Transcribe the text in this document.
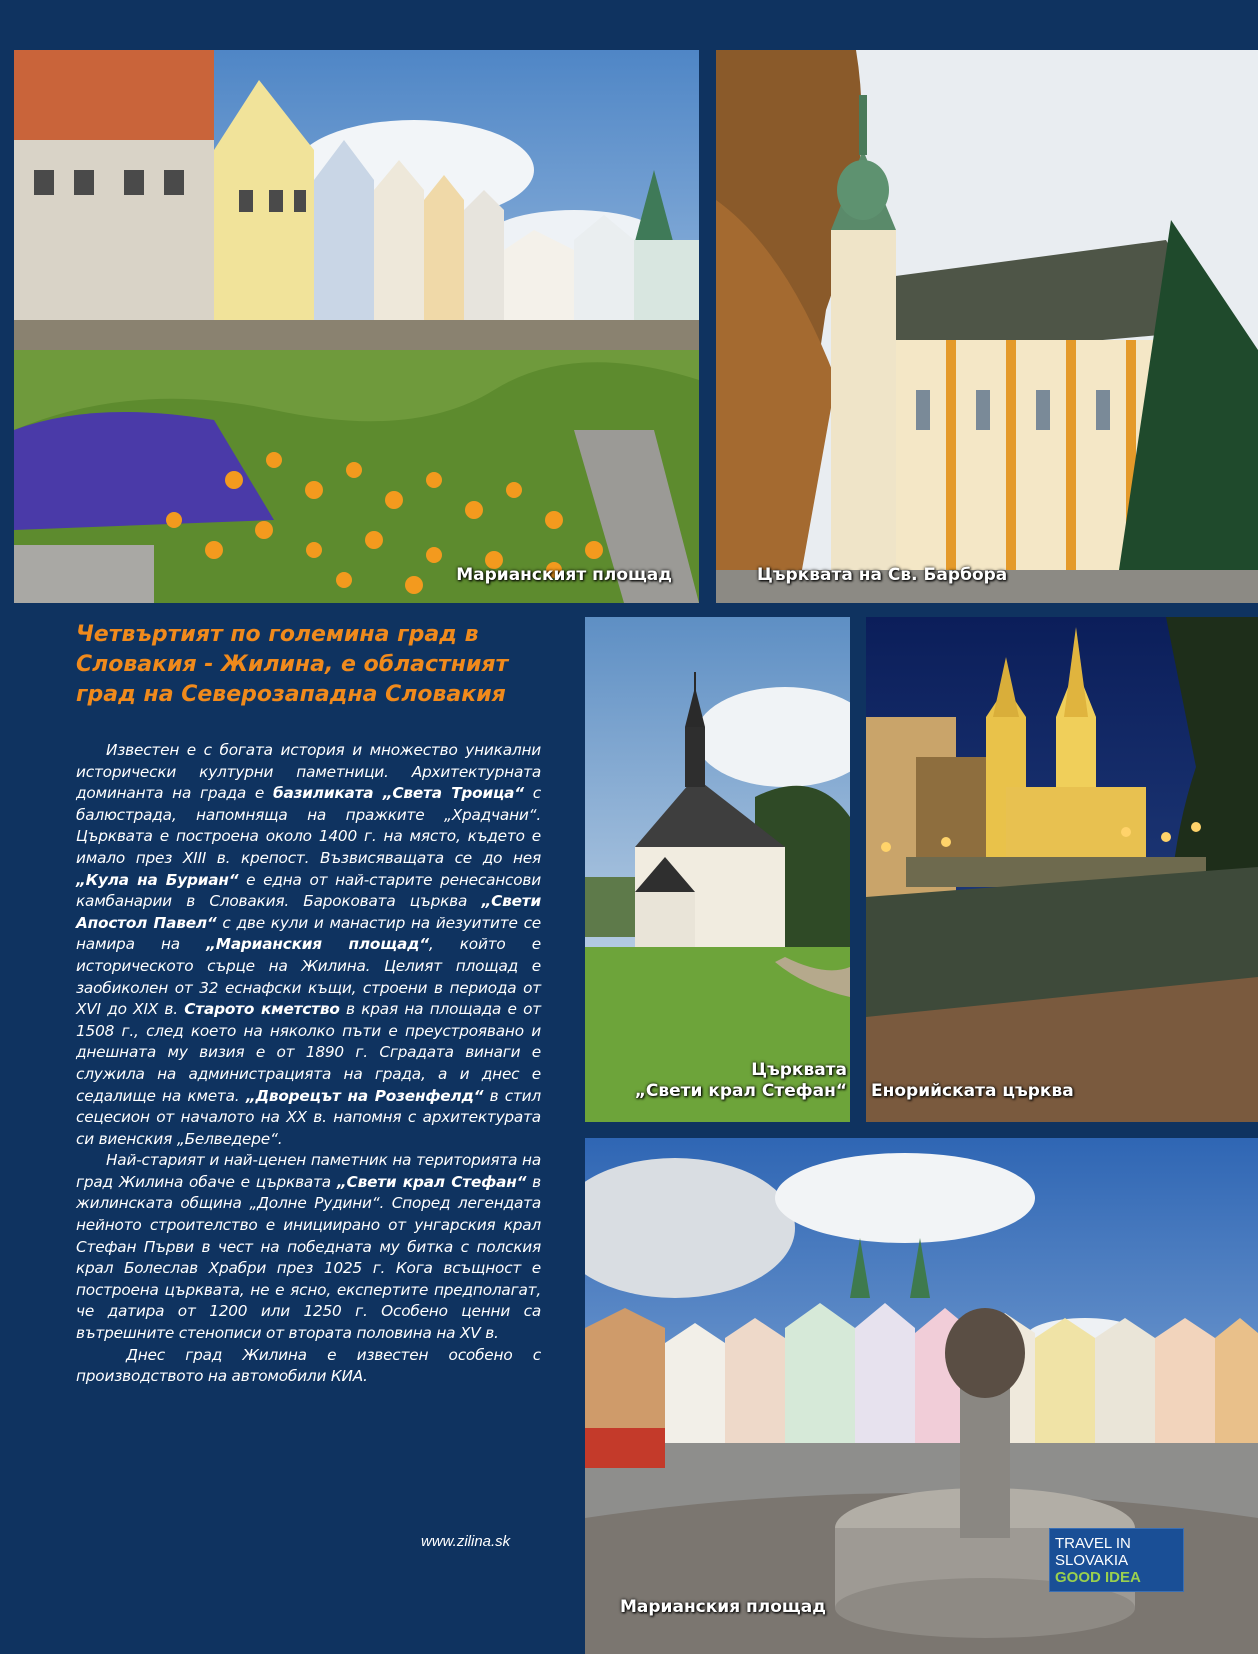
Марианският площад	Църквата на Св. Барбора
Четвъртият по големина град в
Словакия - Жилина, е областният
град на Северозападна Словакия

Известен е с богата история и множество уникални исторически културни паметници. Архитектурната доминанта на града е базиликата „Света Троица“ с балюстрада, напомняща на пражките „Храдчани“. Църквата е построена около 1400 г. на място, където е имало през XIII в. крепост. Възвисяващата се до нея „Кула на Буриан“ е една от най-старите ренесансови камбанарии в Словакия. Бароковата църква „Свети Апостол Павел“ с две кули и манастир на йезуитите се намира на „Марианския площад“, който е историческото сърце на Жилина. Целият площад е заобиколен от 32 еснафски къщи, строени в периода от XVI до XIX в. Старото кметство в края на площада е от 1508 г., след което на няколко пъти е преустроявано и днешната му визия е от 1890 г. Сградата винаги е служила на администрацията на града, а и днес е седалище на кмета. „Дворецът на Розенфелд“ в стил сецесион от началото на XX в. напомня с архитектурата си виенския „Белведере“.

Най-старият и най-ценен паметник на територията на град Жилина обаче е църквата „Свети крал Стефан“ в жилинската община „Долне Рудини“. Според легендата нейното строителство е инициирано от унгарския крал Стефан Първи в чест на победната му битка с полския крал Болеслав Храбри през 1025 г. Кога всъщност е построена църквата, не е ясно, експертите предполагат, че датира от 1200 или 1250 г. Особено ценни са вътрешните стенописи от втората половина на XV в.

Днес град Жилина е известен особено с производството на автомобили КИА.

www.zilina.sk
Църквата
„Свети крал Стефан“ Енорийската църква
Марианския площад
TRAVEL IN
SLOVAKIA
GOOD IDEA
